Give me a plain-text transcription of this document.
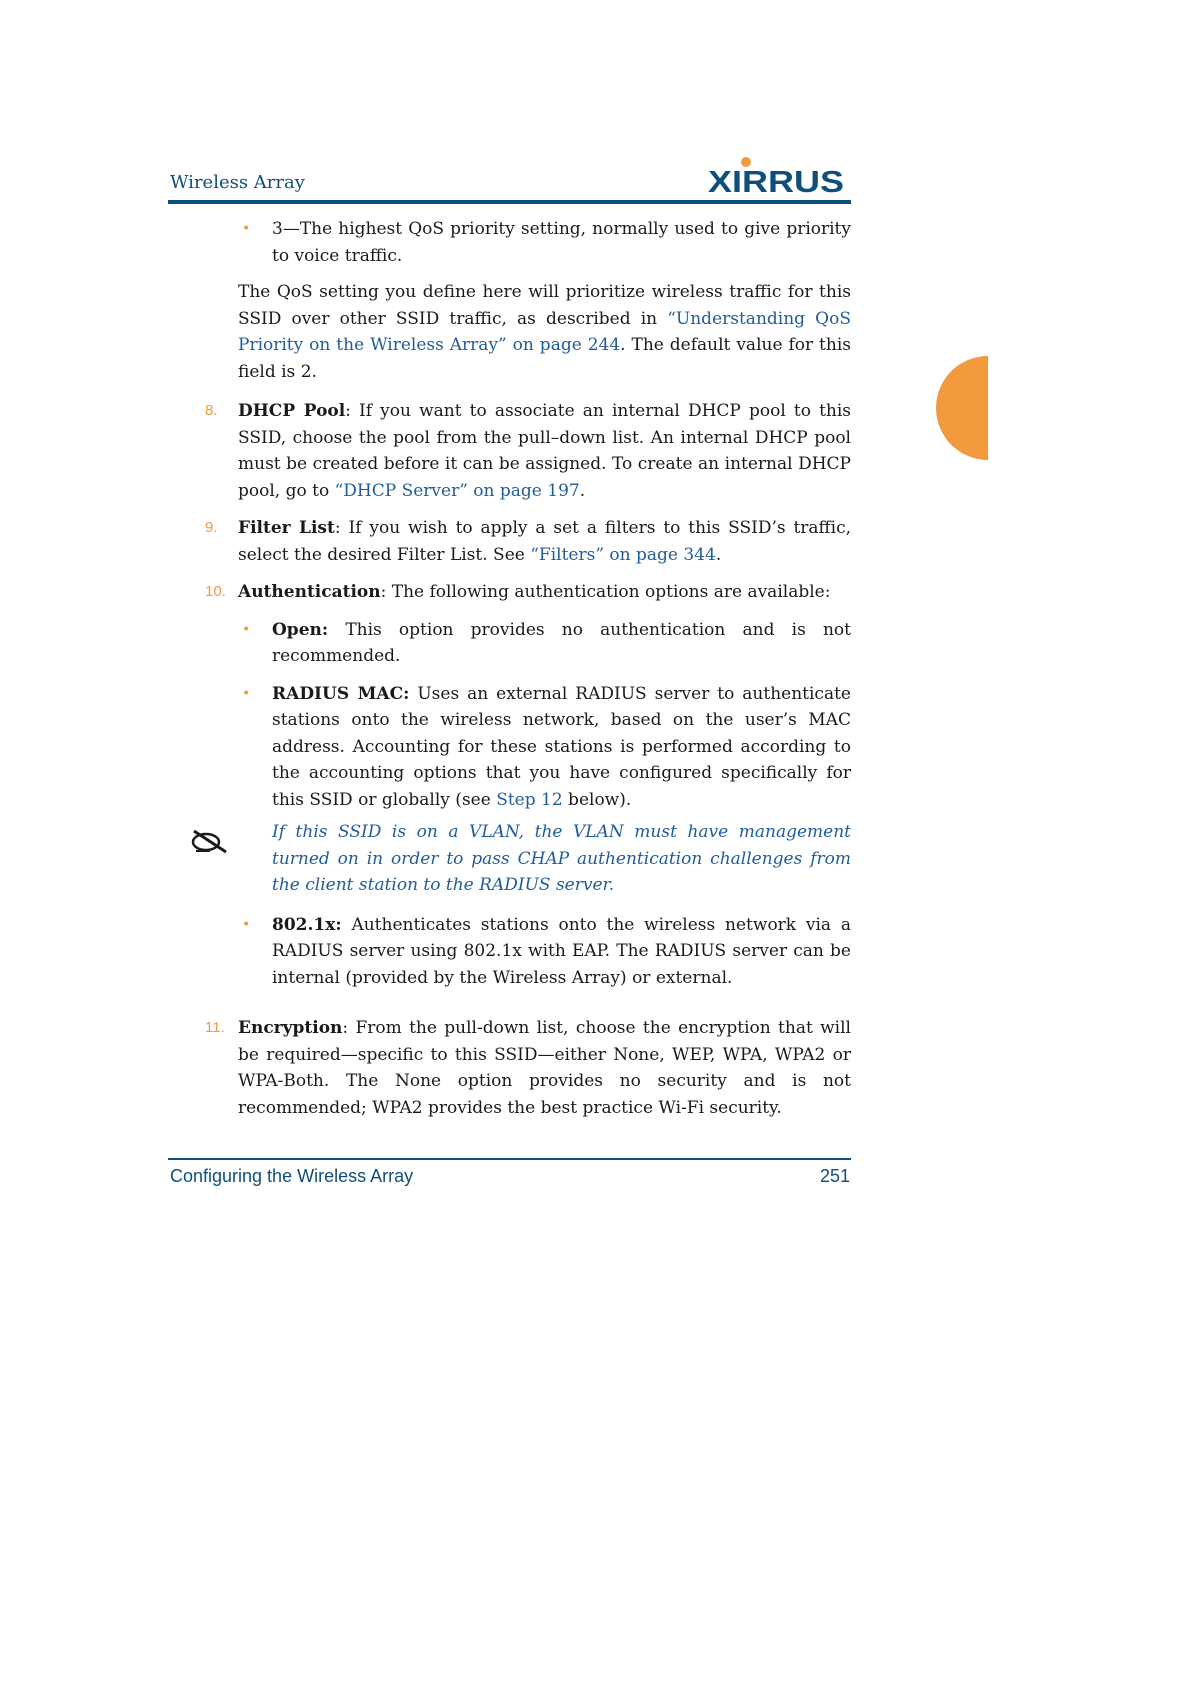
Wireless Array	XIRRUS

• 3—The highest QoS priority setting, normally used to give priority to voice traffic.

The QoS setting you define here will prioritize wireless traffic for this SSID over other SSID traffic, as described in “Understanding QoS Priority on the Wireless Array” on page 244. The default value for this field is 2.

8. DHCP Pool: If you want to associate an internal DHCP pool to this SSID, choose the pool from the pull–down list. An internal DHCP pool must be created before it can be assigned. To create an internal DHCP pool, go to “DHCP Server” on page 197.

9. Filter List: If you wish to apply a set a filters to this SSID’s traffic, select the desired Filter List. See “Filters” on page 344.

10. Authentication: The following authentication options are available:

• Open: This option provides no authentication and is not recommended.

• RADIUS MAC: Uses an external RADIUS server to authenticate stations onto the wireless network, based on the user’s MAC address. Accounting for these stations is performed according to the accounting options that you have configured specifically for this SSID or globally (see Step 12 below).

If this SSID is on a VLAN, the VLAN must have management turned on in order to pass CHAP authentication challenges from the client station to the RADIUS server.

• 802.1x: Authenticates stations onto the wireless network via a RADIUS server using 802.1x with EAP. The RADIUS server can be internal (provided by the Wireless Array) or external.

11. Encryption: From the pull-down list, choose the encryption that will be required—specific to this SSID—either None, WEP, WPA, WPA2 or WPA-Both. The None option provides no security and is not recommended; WPA2 provides the best practice Wi-Fi security.

Configuring the Wireless Array	251
